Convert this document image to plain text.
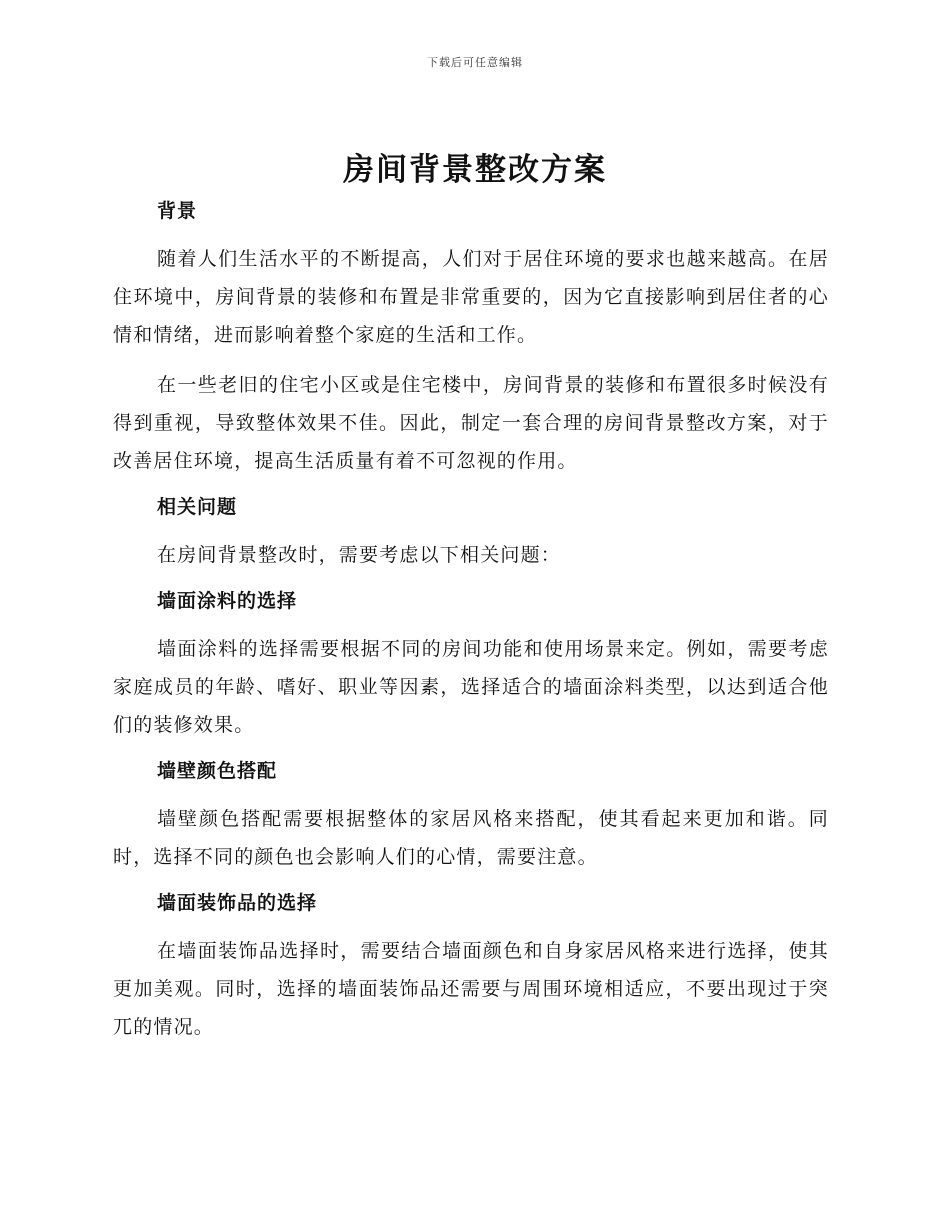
下载后可任意编辑
房间背景整改方案
背景

随着人们生活水平的不断提高，人们对于居住环境的要求也越来越高。在居住环境中，房间背景的装修和布置是非常重要的，因为它直接影响到居住者的心情和情绪，进而影响着整个家庭的生活和工作。

在一些老旧的住宅小区或是住宅楼中，房间背景的装修和布置很多时候没有得到重视，导致整体效果不佳。因此，制定一套合理的房间背景整改方案，对于改善居住环境，提高生活质量有着不可忽视的作用。

相关问题

在房间背景整改时，需要考虑以下相关问题：

墙面涂料的选择

墙面涂料的选择需要根据不同的房间功能和使用场景来定。例如，需要考虑家庭成员的年龄、嗜好、职业等因素，选择适合的墙面涂料类型，以达到适合他们的装修效果。

墙壁颜色搭配

墙壁颜色搭配需要根据整体的家居风格来搭配，使其看起来更加和谐。同时，选择不同的颜色也会影响人们的心情，需要注意。

墙面装饰品的选择

在墙面装饰品选择时，需要结合墙面颜色和自身家居风格来进行选择，使其更加美观。同时，选择的墙面装饰品还需要与周围环境相适应，不要出现过于突兀的情况。
